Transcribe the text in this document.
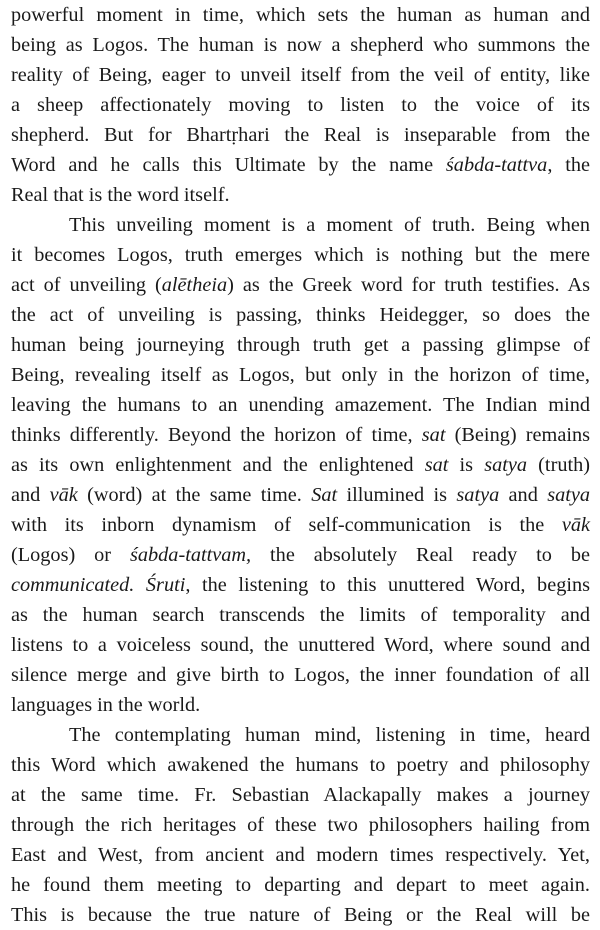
powerful moment in time, which sets the human as human and
being as Logos. The human is now a shepherd who summons the
reality of Being, eager to unveil itself from the veil of entity, like
a sheep affectionately moving to listen to the voice of its
shepherd. But for Bhartṛhari the Real is inseparable from the
Word and he calls this Ultimate by the name śabda-tattva, the
Real that is the word itself.
This unveiling moment is a moment of truth. Being when
it becomes Logos, truth emerges which is nothing but the mere
act of unveiling (alētheia) as the Greek word for truth testifies. As
the act of unveiling is passing, thinks Heidegger, so does the
human being journeying through truth get a passing glimpse of
Being, revealing itself as Logos, but only in the horizon of time,
leaving the humans to an unending amazement. The Indian mind
thinks differently. Beyond the horizon of time, sat (Being) remains
as its own enlightenment and the enlightened sat is satya (truth)
and vāk (word) at the same time. Sat illumined is satya and satya
with its inborn dynamism of self-communication is the vāk
(Logos) or śabda-tattvam, the absolutely Real ready to be
communicated. Śruti, the listening to this unuttered Word, begins
as the human search transcends the limits of temporality and
listens to a voiceless sound, the unuttered Word, where sound and
silence merge and give birth to Logos, the inner foundation of all
languages in the world.
The contemplating human mind, listening in time, heard
this Word which awakened the humans to poetry and philosophy
at the same time. Fr. Sebastian Alackapally makes a journey
through the rich heritages of these two philosophers hailing from
East and West, from ancient and modern times respectively. Yet,
he found them meeting to departing and depart to meet again.
This is because the true nature of Being or the Real will be
